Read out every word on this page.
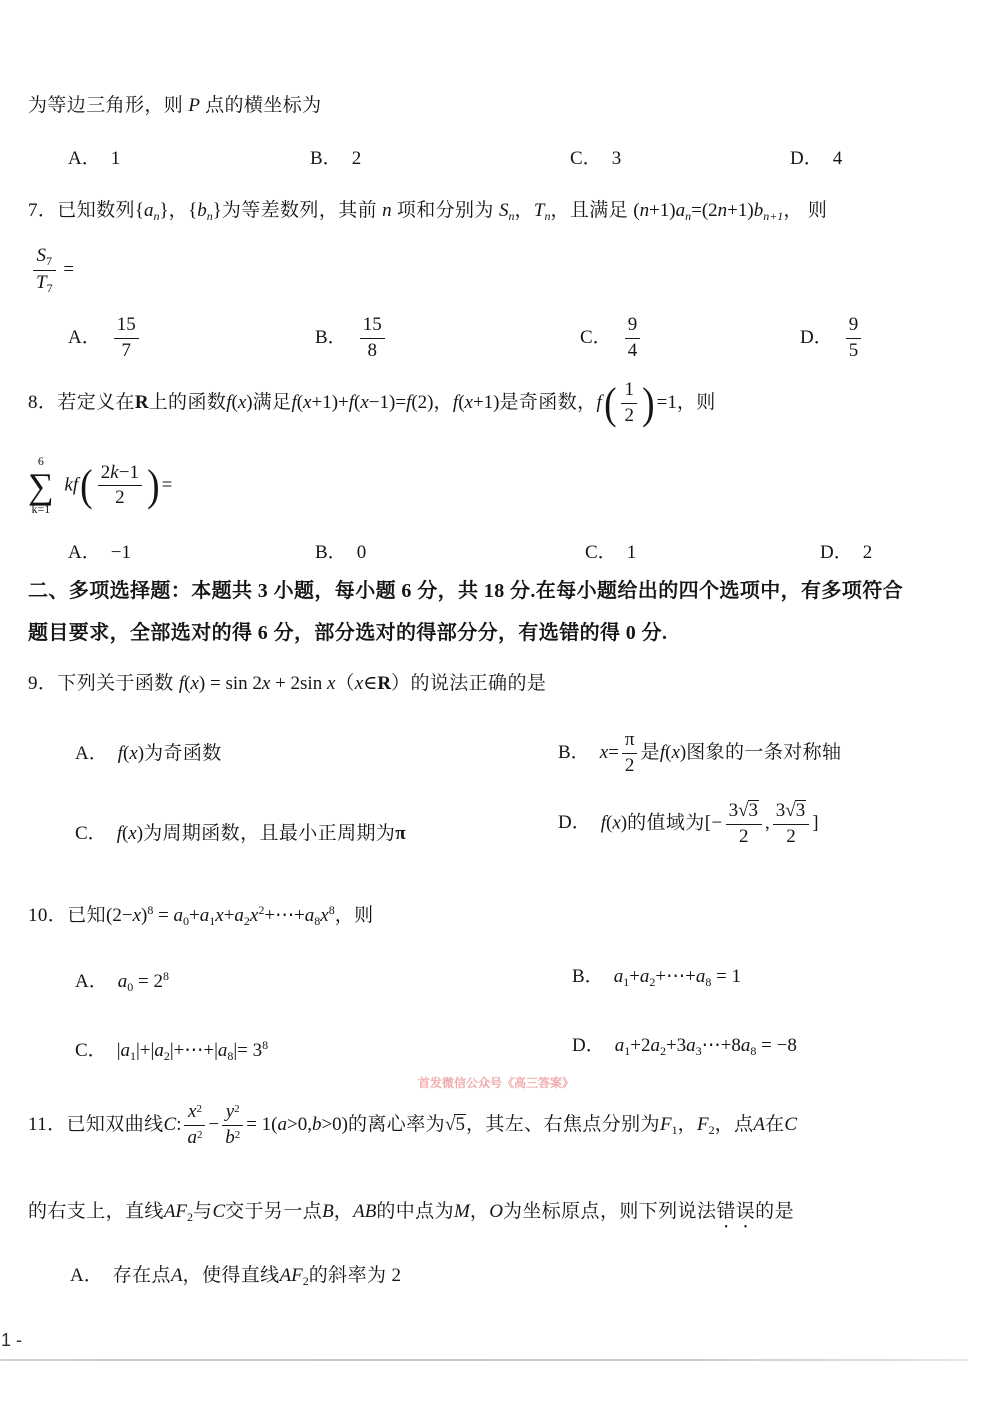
为等边三角形，则 P 点的横坐标为
A． 1	B． 2	C． 3	D． 4
7．已知数列$\{a_n\}$，$\{b_n\}$为等差数列，其前 n 项和分别为 $S_n$，$T_n$，且满足 $(n+1)a_n=(2n+1)b_{n+1}$， 则
$\frac{S_7}{T_7}$ =
A． $\frac{15}{7}$	B． $\frac{15}{8}$	C． $\frac{9}{4}$	D． $\frac{9}{5}$
8．若定义在R上的函数f(x)满足f(x+1)+f(x−1)=f(2)，f(x+1)是奇函数，$f( \frac{1}{2}$ ) =1，则
6
∑
k=1
$kf( \frac{2k-1}{2}$ ) =
A． −1	B． 0	C． 1	D． 2
二、多项选择题：本题共 3 小题，每小题 6 分，共 18 分.在每小题给出的四个选项中，有多项符合
题目要求，全部选对的得 6 分，部分选对的得部分分，有选错的得 0 分.
9．下列关于函数 f(x) = sin 2x + 2sin x（x∈R）的说法正确的是
A． f(x)为奇函数	B． $x= \frac{\pi}{2}$ 是f(x)图象的一条对称轴
C． f(x)为周期函数，且最小正周期为π
D． f(x)的值域为[− $\frac{3√3}{2}$ , $\frac{3√3}{2}$ ]
10．已知$(2-x)^8$ = $a_0+a_1x+a_2x^2+\cdots+a_8x^8$，则
A． $a_0 = 2^8$	B． $a_1+a_2+\cdots+a_8 = 1$
C． $|a_1|+|a_2|+\cdots+|a_8|= 3^8$	D． $a_1+2a_2+3a_3\cdots+8a_8 = -8$
首发微信公众号《高三答案》
11．已知双曲线C: $\frac{x^2}{a^2} - \frac{y^2}{b^2} = 1(a>0,b>0)$的离心率为√5，其左、右焦点分别为$F_1$，$F_2$，点A在C
的右支上，直线$AF_2$与C交于另一点B，AB的中点为M，O为坐标原点，则下列说法错误的是
A． 存在点A，使得直线$AF_2$的斜率为 2
1 -
